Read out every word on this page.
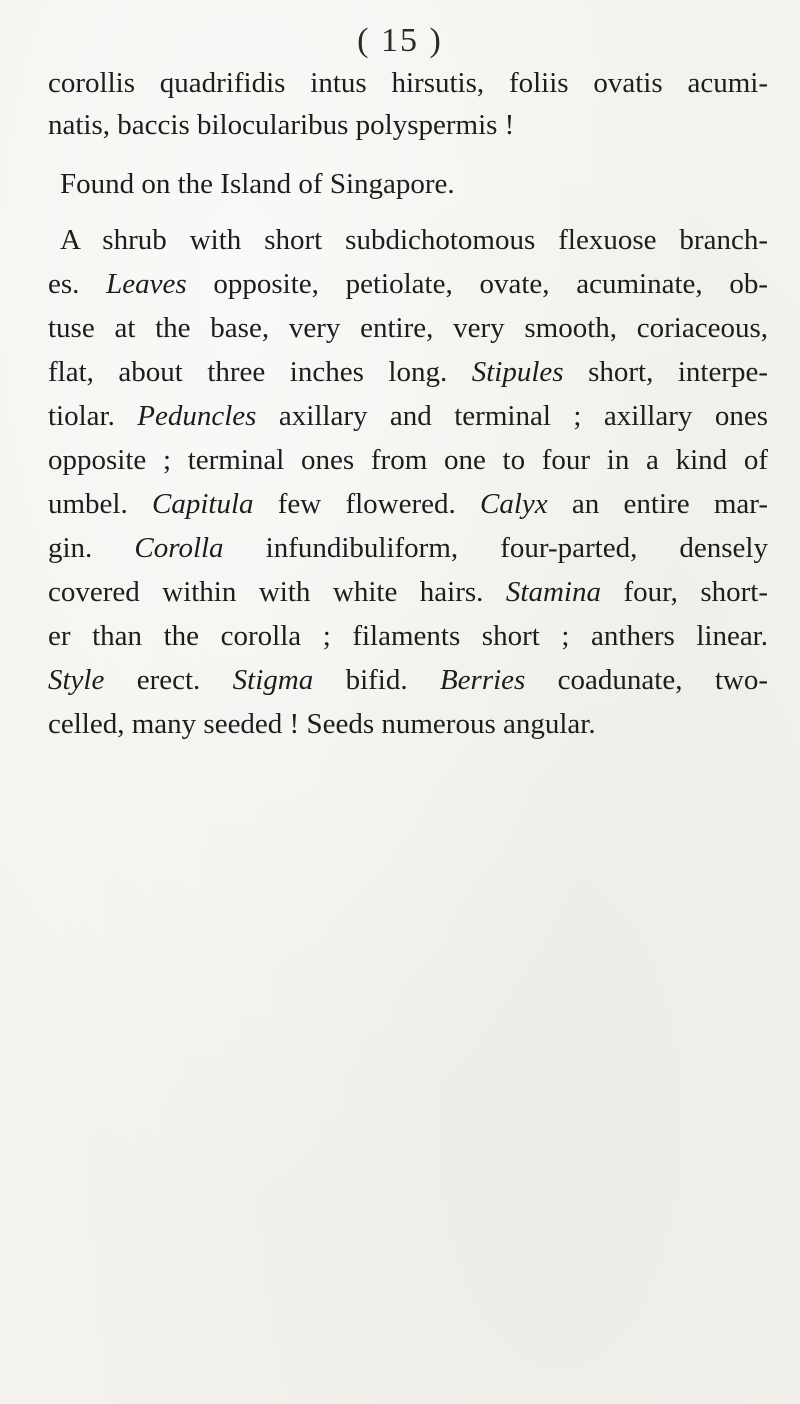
( 15 )
corollis quadrifidis intus hirsutis, foliis ovatis acumi-
natis, baccis bilocularibus polyspermis !
Found on the Island of Singapore.
A shrub with short subdichotomous flexuose branch-
es. Leaves opposite, petiolate, ovate, acuminate, ob-
tuse at the base, very entire, very smooth, coriaceous,
flat, about three inches long. Stipules short, interpe-
tiolar. Peduncles axillary and terminal ; axillary ones
opposite ; terminal ones from one to four in a kind of
umbel. Capitula few flowered. Calyx an entire mar-
gin. Corolla infundibuliform, four-parted, densely
covered within with white hairs. Stamina four, short-
er than the corolla ; filaments short ; anthers linear.
Style erect. Stigma bifid. Berries coadunate, two-
celled, many seeded ! Seeds numerous angular.
